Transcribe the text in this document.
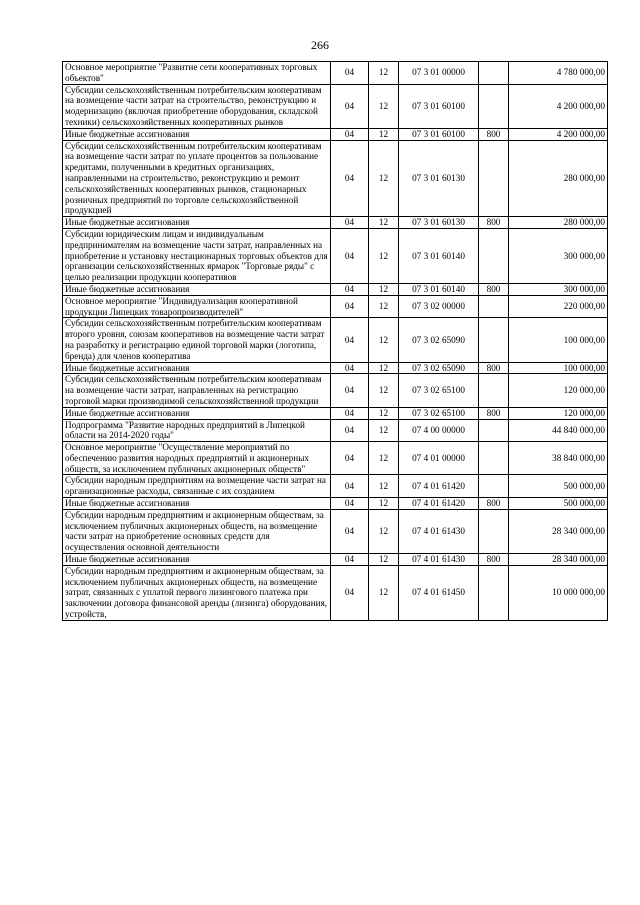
266
Основное мероприятие "Развитие сети кооперативных торговых объектов"	04	12	07 3 01 00000		4 780 000,00
Субсидии сельскохозяйственным потребительским кооперативам на возмещение части затрат на строительство, реконструкцию и модернизацию (включая приобретение оборудования, складской техники) сельскохозяйственных кооперативных рынков	04	12	07 3 01 60100		4 200 000,00
Иные бюджетные ассигнования	04	12	07 3 01 60100	800	4 200 000,00
Субсидии сельскохозяйственным потребительским кооперативам на возмещение части затрат по уплате процентов за пользование кредитами, полученными в кредитных организациях, направленными на строительство, реконструкцию и ремонт сельскохозяйственных кооперативных рынков, стационарных розничных предприятий по торговле сельскохозяйственной продукцией	04	12	07 3 01 60130		280 000,00
Иные бюджетные ассигнования	04	12	07 3 01 60130	800	280 000,00
Субсидии юридическим лицам и индивидуальным предпринимателям на возмещение части затрат, направленных на приобретение и установку нестационарных торговых объектов для организации сельскохозяйственных ярмарок "Торговые ряды" с целью реализации продукции кооперативов	04	12	07 3 01 60140		300 000,00
Иные бюджетные ассигнования	04	12	07 3 01 60140	800	300 000,00
Основное мероприятие "Индивидуализация кооперативной продукции Липецких товаропроизводителей"	04	12	07 3 02 00000		220 000,00
Субсидии сельскохозяйственным потребительским кооперативам второго уровня, союзам кооперативов на возмещение части затрат на разработку и регистрацию единой торговой марки (логотипа, бренда) для членов кооператива	04	12	07 3 02 65090		100 000,00
Иные бюджетные ассигнования	04	12	07 3 02 65090	800	100 000,00
Субсидии сельскохозяйственным потребительским кооперативам на возмещение части затрат, направленных на регистрацию торговой марки производимой сельскохозяйственной продукции	04	12	07 3 02 65100		120 000,00
Иные бюджетные ассигнования	04	12	07 3 02 65100	800	120 000,00
Подпрограмма "Развитие народных предприятий в Липецкой области на 2014-2020 годы"	04	12	07 4 00 00000		44 840 000,00
Основное мероприятие "Осуществление мероприятий по обеспечению развития народных предприятий и акционерных обществ, за исключением публичных акционерных обществ"	04	12	07 4 01 00000		38 840 000,00
Субсидии народным предприятиям на возмещение части затрат на организационные расходы, связанные с их созданием	04	12	07 4 01 61420		500 000,00
Иные бюджетные ассигнования	04	12	07 4 01 61420	800	500 000,00
Субсидии народным предприятиям и акционерным обществам, за исключением публичных акционерных обществ, на возмещение части затрат на приобретение основных средств для осуществления основной деятельности	04	12	07 4 01 61430		28 340 000,00
Иные бюджетные ассигнования	04	12	07 4 01 61430	800	28 340 000,00
Субсидии народным предприятиям и акционерным обществам, за исключением публичных акционерных обществ, на возмещение затрат, связанных с уплатой первого лизингового платежа при заключении договора финансовой аренды (лизинга) оборудования, устройств,	04	12	07 4 01 61450		10 000 000,00
